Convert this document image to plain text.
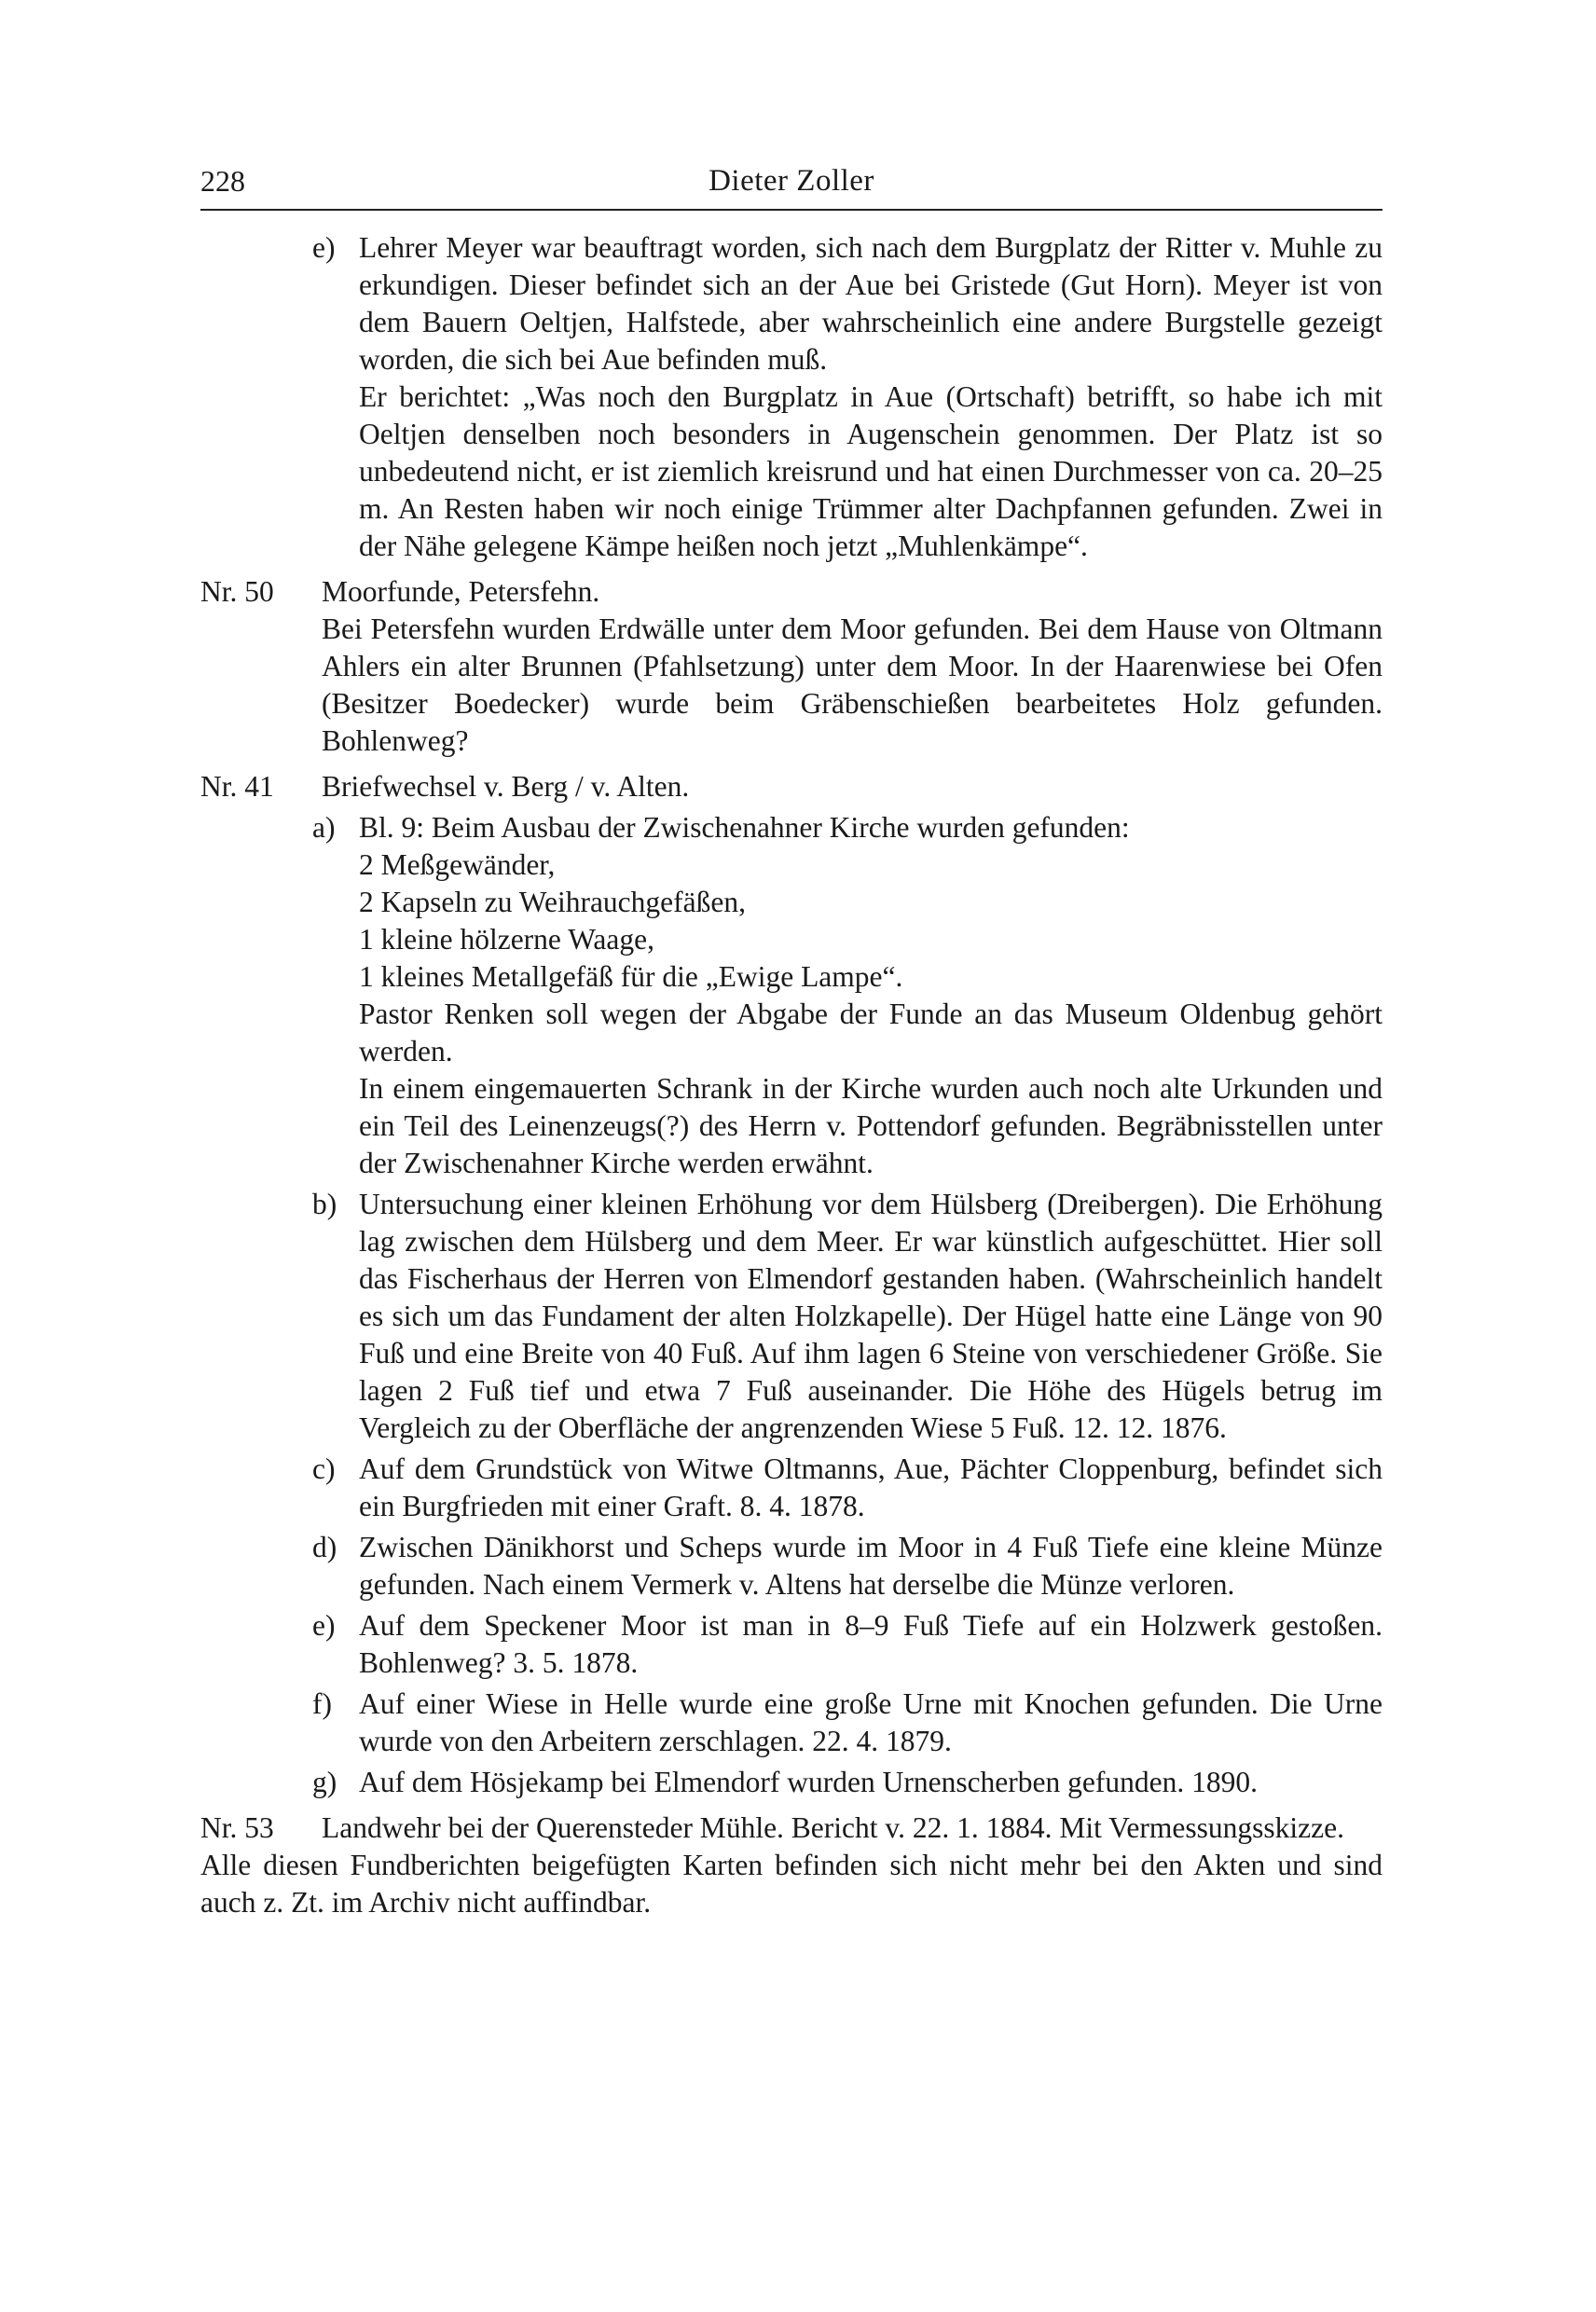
228	Dieter Zoller
e) Lehrer Meyer war beauftragt worden, sich nach dem Burgplatz der Ritter v. Muhle zu erkundigen. Dieser befindet sich an der Aue bei Gristede (Gut Horn). Meyer ist von dem Bauern Oeltjen, Halfstede, aber wahrscheinlich eine andere Burgstelle gezeigt worden, die sich bei Aue befinden muß.

Er berichtet: „Was noch den Burgplatz in Aue (Ortschaft) betrifft, so habe ich mit Oeltjen denselben noch besonders in Augenschein genommen. Der Platz ist so unbedeutend nicht, er ist ziemlich kreisrund und hat einen Durchmesser von ca. 20–25 m. An Resten haben wir noch einige Trümmer alter Dachpfannen gefunden. Zwei in der Nähe gelegene Kämpe heißen noch jetzt „Muhlenkämpe“.

Nr. 50	Moorfunde, Petersfehn.

Bei Petersfehn wurden Erdwälle unter dem Moor gefunden. Bei dem Hause von Oltmann Ahlers ein alter Brunnen (Pfahlsetzung) unter dem Moor. In der Haarenwiese bei Ofen (Besitzer Boedecker) wurde beim Gräbenschießen bearbeitetes Holz gefunden. Bohlenweg?

Nr. 41	Briefwechsel v. Berg / v. Alten.

a) Bl. 9: Beim Ausbau der Zwischenahner Kirche wurden gefunden:

2 Meßgewänder,

2 Kapseln zu Weihrauchgefäßen,

1 kleine hölzerne Waage,

1 kleines Metallgefäß für die „Ewige Lampe“.

Pastor Renken soll wegen der Abgabe der Funde an das Museum Oldenbug gehört werden.

In einem eingemauerten Schrank in der Kirche wurden auch noch alte Urkunden und ein Teil des Leinenzeugs(?) des Herrn v. Pottendorf gefunden. Begräbnisstellen unter der Zwischenahner Kirche werden erwähnt.

b) Untersuchung einer kleinen Erhöhung vor dem Hülsberg (Dreibergen). Die Erhöhung lag zwischen dem Hülsberg und dem Meer. Er war künstlich aufgeschüttet. Hier soll das Fischerhaus der Herren von Elmendorf gestanden haben. (Wahrscheinlich handelt es sich um das Fundament der alten Holzkapelle). Der Hügel hatte eine Länge von 90 Fuß und eine Breite von 40 Fuß. Auf ihm lagen 6 Steine von verschiedener Größe. Sie lagen 2 Fuß tief und etwa 7 Fuß auseinander. Die Höhe des Hügels betrug im Vergleich zu der Oberfläche der angrenzenden Wiese 5 Fuß. 12. 12. 1876.
c) Auf dem Grundstück von Witwe Oltmanns, Aue, Pächter Cloppenburg, befindet sich ein Burgfrieden mit einer Graft. 8. 4. 1878.
d) Zwischen Dänikhorst und Scheps wurde im Moor in 4 Fuß Tiefe eine kleine Münze gefunden. Nach einem Vermerk v. Altens hat derselbe die Münze verloren.
e) Auf dem Speckener Moor ist man in 8–9 Fuß Tiefe auf ein Holzwerk gestoßen. Bohlenweg? 3. 5. 1878.
f) Auf einer Wiese in Helle wurde eine große Urne mit Knochen gefunden. Die Urne wurde von den Arbeitern zerschlagen. 22. 4. 1879.
g) Auf dem Hösjekamp bei Elmendorf wurden Urnenscherben gefunden. 1890.
Nr. 53	Landwehr bei der Querensteder Mühle. Bericht v. 22. 1. 1884. Mit Vermessungsskizze.

Alle diesen Fundberichten beigefügten Karten befinden sich nicht mehr bei den Akten und sind auch z. Zt. im Archiv nicht auffindbar.
